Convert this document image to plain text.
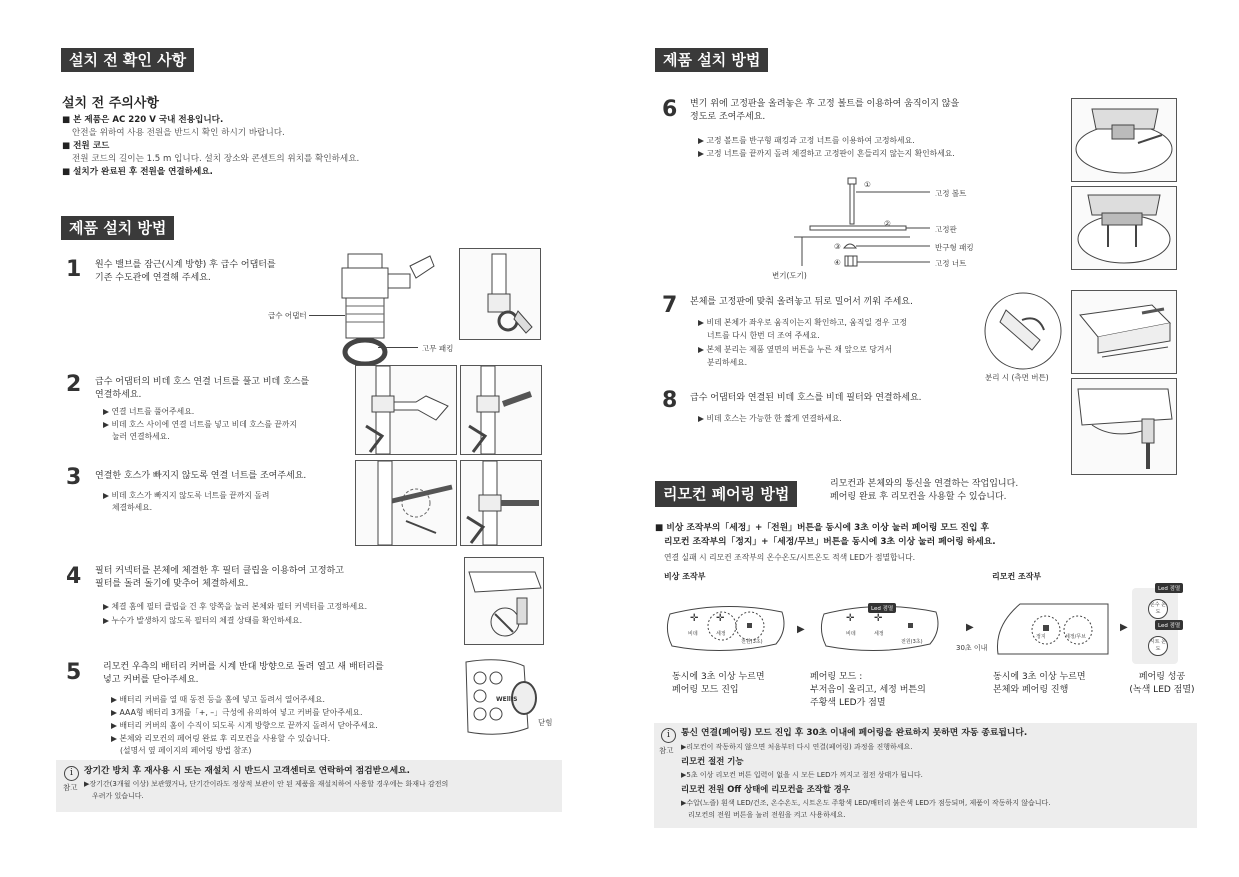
설치 전 확인 사항
설치 전 주의사항
■ 본 제품은 AC 220 V 국내 전용입니다.
안전을 위하여 사용 전원을 반드시 확인 하시기 바랍니다.
■ 전원 코드
전원 코드의 길이는 1.5 m 입니다. 설치 장소와 콘센트의 위치를 확인하세요.
■ 설치가 완료된 후 전원을 연결하세요.
제품 설치 방법
1 원수 밸브를 잠근(시계 방향) 후 급수 어댑터를
기존 수도관에 연결해 주세요.
급수 어댑터
고무 패킹
2 급수 어댑터의 비데 호스 연결 너트를 풀고 비데 호스를
연결하세요.
▶ 연결 너트를 풀어주세요.
▶ 비데 호스 사이에 연결 너트를 넣고 비데 호스를 끝까지
눌러 연결하세요.
3 연결한 호스가 빠지지 않도록 연결 너트를 조여주세요.
▶ 비데 호스가 빠지지 않도록 너트를 끝까지 돌려
체결하세요.
4 필터 커넥터를 본체에 체결한 후 필터 클립을 이용하여 고정하고
필터를 돌려 돌기에 맞추어 체결하세요.
▶ 체결 홈에 필터 클립을 건 후 양쪽을 눌러 본체와 필터 커넥터를 고정하세요.
▶ 누수가 발생하지 않도록 필터의 체결 상태를 확인하세요.
5 리모컨 우측의 배터리 커버를 시계 반대 방향으로 돌려 열고 새 배터리를
넣고 커버를 닫아주세요.
▶ 배터리 커버를 열 때 동전 등을 홈에 넣고 돌려서 열어주세요.
▶ AAA형 배터리 3개를「+, –」극성에 유의하여 넣고 커버를 닫아주세요.
▶ 배터리 커버의 홈이 수직이 되도록 시계 방향으로 끝까지 돌려서 닫아주세요.
▶ 본체와 리모컨의 페어링 완료 후 리모컨을 사용할 수 있습니다.
(설명서 옆 페이지의 페어링 방법 참조)
WEllIS
닫힘
i
참고
장기간 방치 후 재사용 시 또는 재설치 시 반드시 고객센터로 연락하여 점검받으세요.
▶장기간(3개월 이상) 보관했거나, 단기간이라도 정상적 보관이 안 된 제품을 재설치하여 사용할 경우에는 화재나 감전의
우려가 있습니다.
제품 설치 방법
6 변기 위에 고정판을 올려놓은 후 고정 볼트를 이용하여 움직이지 않을
정도로 조여주세요.
▶ 고정 볼트를 반구형 패킹과 고정 너트를 이용하여 고정하세요.
▶ 고정 너트를 끝까지 돌려 체결하고 고정판이 흔들리지 않는지 확인하세요.
①
고정 볼트
②
고정판
③	반구형 패킹
④	고정 너트
변기(도기)
7 본체를 고정판에 맞춰 올려놓고 뒤로 밀어서 끼워 주세요.
▶ 비데 본체가 좌우로 움직이는지 확인하고, 움직일 경우 고정
너트를 다시 한번 더 조여 주세요.
▶ 본체 분리는 제품 옆면의 버튼을 누른 채 앞으로 당겨서
분리하세요.
분리 시 (측면 버튼)
8 급수 어댑터와 연결된 비데 호스를 비데 필터와 연결하세요.
▶ 비데 호스는 가능한 한 짧게 연결하세요.
리모컨 페어링 방법
리모컨과 본체와의 통신을 연결하는 작업입니다.
페어링 완료 후 리모컨을 사용할 수 있습니다.
■ 비상 조작부의「세정」+「전원」버튼을 동시에 3초 이상 눌러 페어링 모드 진입 후
리모컨 조작부의「정지」+「세정/무브」버튼을 동시에 3초 이상 눌러 페어링 하세요.
연결 실패 시 리모컨 조작부의 온수온도/시트온도 적색 LED가 점멸합니다.
비상 조작부	리모컨 조작부
✛
비데
✛
세정
전원(3초)
▶
Led 점멸
✛
비데
✛
세정
전원(3초)
▶
30초 이내
정지	세정/무브
▶
Led 점멸
온수 온도
Led 점멸
시트 온도
동시에 3초 이상 누르면
페어링 모드 진입
페어링 모드 :
부저음이 울리고, 세정 버튼의
주황색 LED가 점멸
동시에 3초 이상 누르면
본체와 페어링 진행
페어링 성공
(녹색 LED 점멸)
i
참고
통신 연결(페어링) 모드 진입 후 30초 이내에 페어링을 완료하지 못하면 자동 종료됩니다.
▶리모컨이 작동하지 않으면 처음부터 다시 연결(페어링) 과정을 진행하세요.
리모컨 절전 기능
▶5초 이상 리모컨 버튼 입력이 없을 시 모든 LED가 꺼지고 절전 상태가 됩니다.
리모컨 전원 Off 상태에 리모컨을 조작할 경우
▶수압(노즐) 흰색 LED/건조, 온수온도, 시트온도 주황색 LED/배터리 붉은색 LED가 점등되며, 제품이 작동하지 않습니다.
리모컨의 전원 버튼을 눌러 전원을 켜고 사용하세요.
